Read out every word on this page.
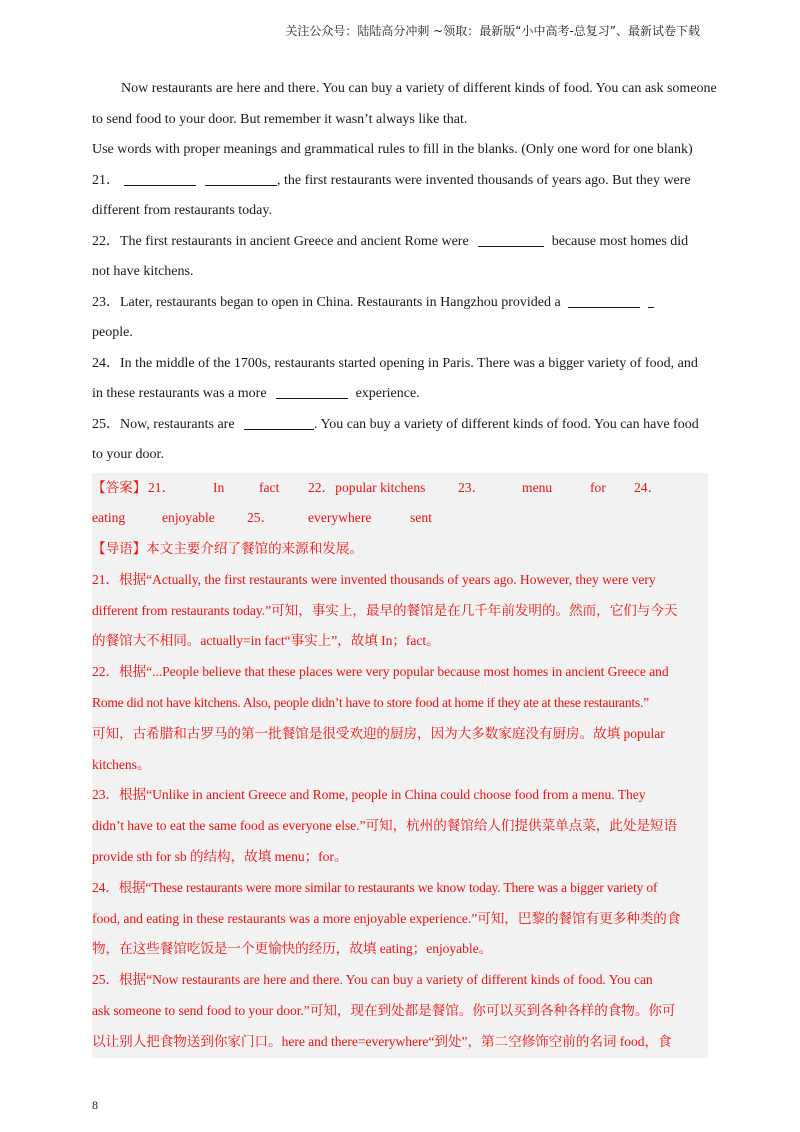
关注公众号：陆陆高分冲刺 ~领取：最新版“小中高考-总复习”、最新试卷下载
Now restaurants are here and there. You can buy a variety of different kinds of food. You can ask someone
to send food to your door. But remember it wasn’t always like that.
Use words with proper meanings and grammatical rules to fill in the blanks. (Only one word for one blank)
21．	, the first restaurants were invented thousands of years ago. But they were
different from restaurants today.
22．The first restaurants in ancient Greece and ancient Rome were	because most homes did
not have kitchens.
23．Later, restaurants began to open in China. Restaurants in Hangzhou provided a
people.
24．In the middle of the 1700s, restaurants started opening in Paris. There was a bigger variety of food, and
in these restaurants was a more	experience.
25．Now, restaurants are	. You can buy a variety of different kinds of food. You can have food
to your door.
【答案】 21．	In	fact 22．popular kitchens 23．	menu	for 24．
eating	enjoyable 25． everywhere	sent
【导语】本文主要介绍了餐馆的来源和发展。
21．根据“Actually, the first restaurants were invented thousands of years ago. However, they were very
different from restaurants today.”可知，事实上，最早的餐馆是在几千年前发明的。然而，它们与今天
的餐馆大不相同。actually=in fact“事实上”，故填 In；fact。
22．根据“...People believe that these places were very popular because most homes in ancient Greece and
Rome did not have kitchens. Also, people didn’t have to store food at home if they ate at these restaurants.”
可知，古希腊和古罗马的第一批餐馆是很受欢迎的厨房，因为大多数家庭没有厨房。故填 popular
kitchens。
23．根据“Unlike in ancient Greece and Rome, people in China could choose food from a menu. They
didn’t have to eat the same food as everyone else.”可知，杭州的餐馆给人们提供菜单点菜，此处是短语
provide sth for sb 的结构，故填 menu；for。
24．根据“These restaurants were more similar to restaurants we know today. There was a bigger variety of
food, and eating in these restaurants was a more enjoyable experience.”可知，巴黎的餐馆有更多种类的食
物，在这些餐馆吃饭是一个更愉快的经历，故填 eating；enjoyable。
25．根据“Now restaurants are here and there. You can buy a variety of different kinds of food. You can
ask someone to send food to your door.”可知，现在到处都是餐馆。你可以买到各种各样的食物。你可
以让别人把食物送到你家门口。here and there=everywhere“到处”，第二空修饰空前的名词 food，食
8
